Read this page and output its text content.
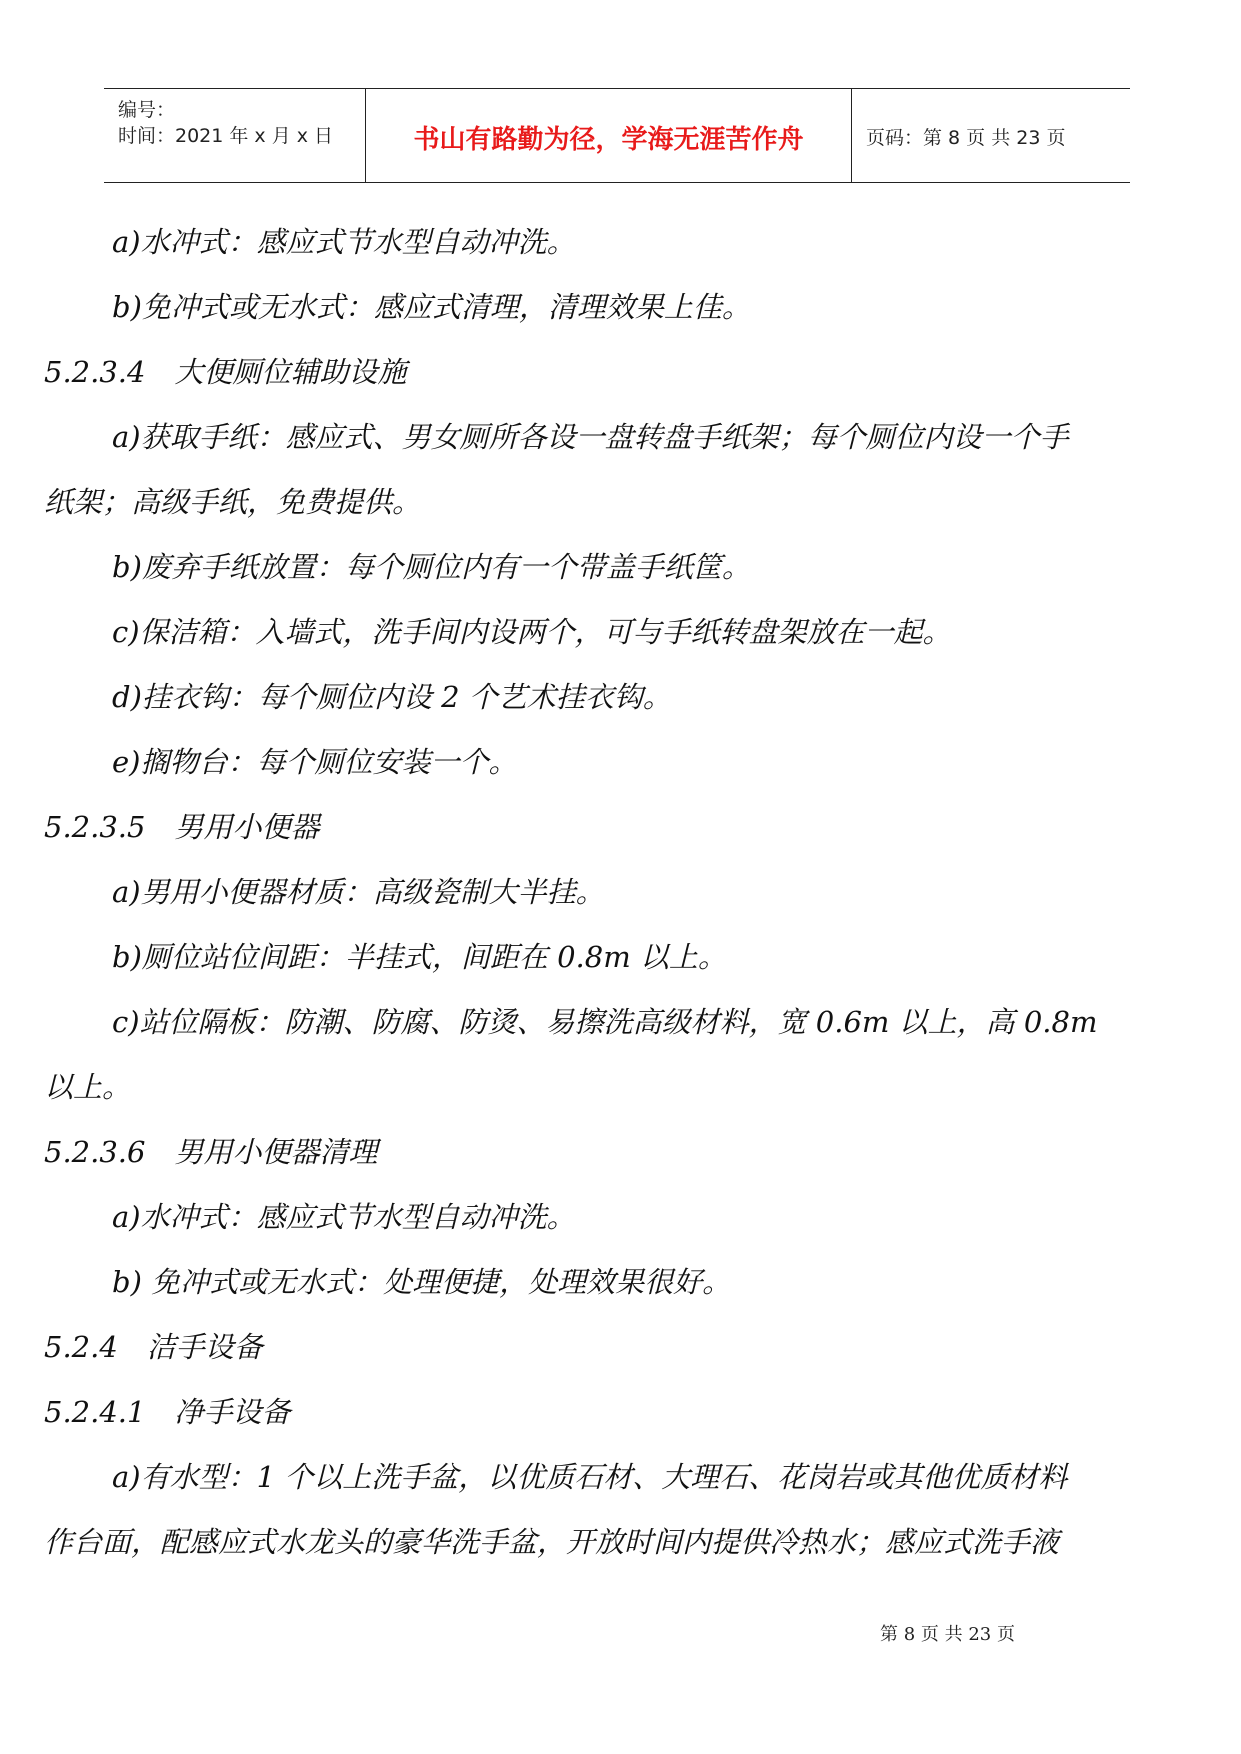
编号：
时间：2021 年 x 月 x 日	书山有路勤为径，学海无涯苦作舟	页码：第 8 页 共 23 页

a)水冲式：感应式节水型自动冲洗。

b)免冲式或无水式：感应式清理，清理效果上佳。

5.2.3.4　大便厕位辅助设施

a)获取手纸：感应式、男女厕所各设一盘转盘手纸架；每个厕位内设一个手

纸架；高级手纸，免费提供。

b)废弃手纸放置：每个厕位内有一个带盖手纸筐。

c)保洁箱：入墙式，洗手间内设两个，可与手纸转盘架放在一起。

d)挂衣钩：每个厕位内设 2 个艺术挂衣钩。

e)搁物台：每个厕位安装一个。

5.2.3.5　男用小便器

a)男用小便器材质：高级瓷制大半挂。

b)厕位站位间距：半挂式，间距在 0.8m 以上。

c)站位隔板：防潮、防腐、防烫、易擦洗高级材料，宽 0.6m 以上，高 0.8m

以上。

5.2.3.6　男用小便器清理

a)水冲式：感应式节水型自动冲洗。

b) 免冲式或无水式：处理便捷，处理效果很好。

5.2.4　洁手设备

5.2.4.1　净手设备

a)有水型：1 个以上洗手盆，以优质石材、大理石、花岗岩或其他优质材料

作台面，配感应式水龙头的豪华洗手盆，开放时间内提供冷热水；感应式洗手液

第 8 页 共 23 页
